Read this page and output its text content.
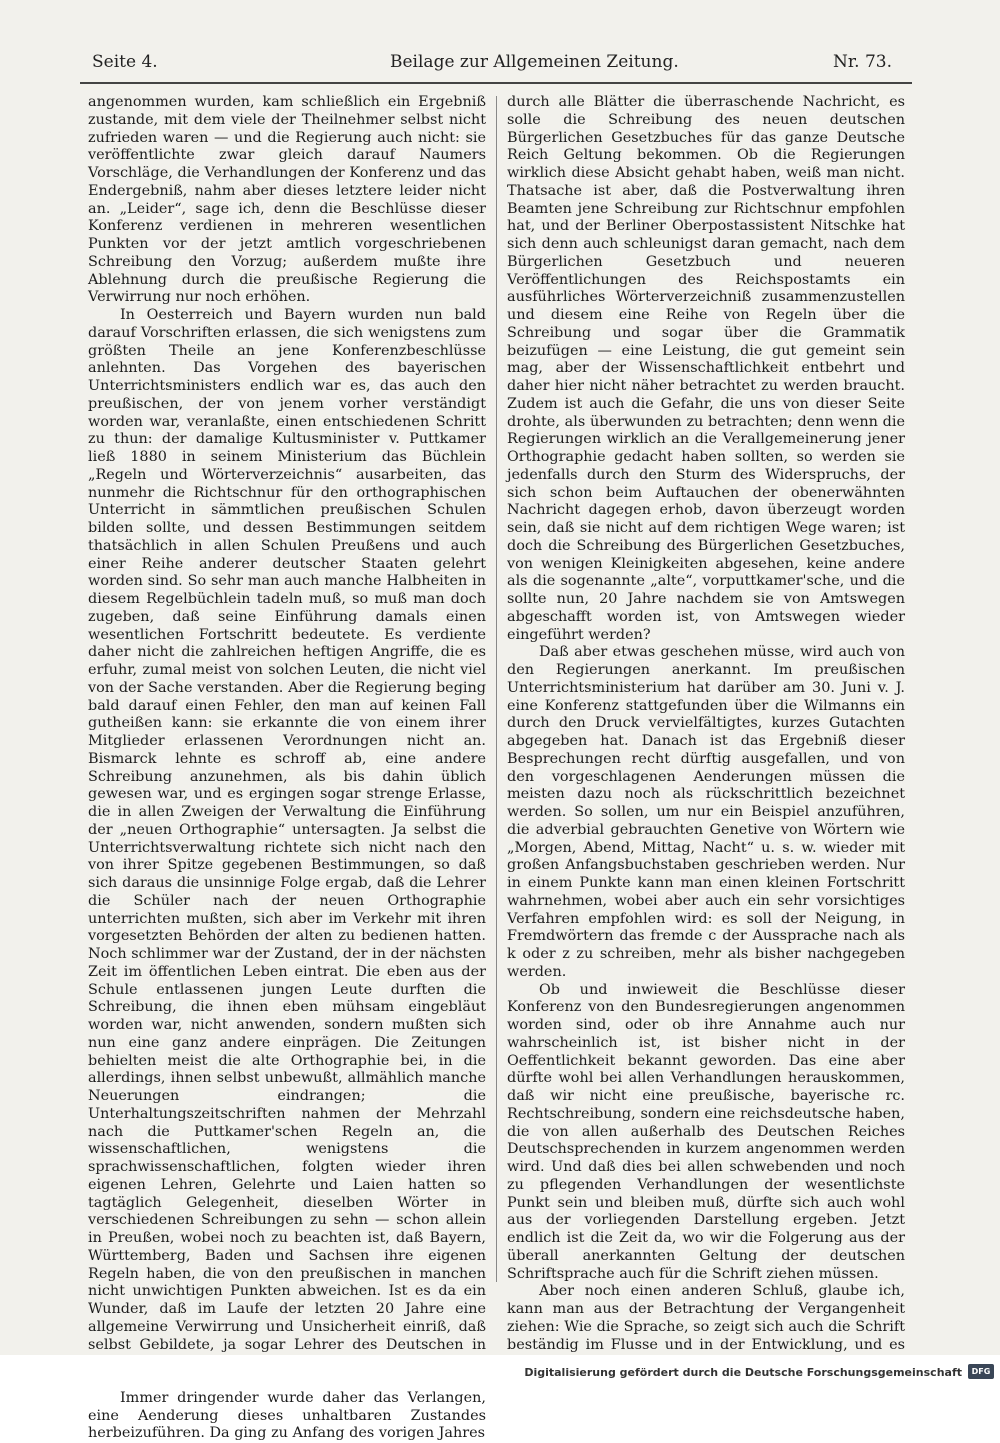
Seite 4.	Beilage zur Allgemeinen Zeitung.	Nr. 73.

angenommen wurden, kam schließlich ein Ergebniß zustande, mit dem viele der Theilnehmer selbst nicht zufrieden waren — und die Regierung auch nicht: sie veröffentlichte zwar gleich darauf Naumers Vorschläge, die Verhandlungen der Konferenz und das Endergebniß, nahm aber dieses letztere leider nicht an. „Leider“, sage ich, denn die Beschlüsse dieser Konferenz verdienen in mehreren wesentlichen Punkten vor der jetzt amtlich vorgeschriebenen Schreibung den Vorzug; außerdem mußte ihre Ablehnung durch die preußische Regierung die Verwirrung nur noch erhöhen.

In Oesterreich und Bayern wurden nun bald darauf Vorschriften erlassen, die sich wenigstens zum größten Theile an jene Konferenzbeschlüsse anlehnten. Das Vorgehen des bayerischen Unterrichtsministers endlich war es, das auch den preußischen, der von jenem vorher verständigt worden war, veranlaßte, einen entschiedenen Schritt zu thun: der damalige Kultusminister v. Puttkamer ließ 1880 in seinem Ministerium das Büchlein „Regeln und Wörterverzeichnis“ ausarbeiten, das nunmehr die Richtschnur für den orthographischen Unterricht in sämmtlichen preußischen Schulen bilden sollte, und dessen Bestimmungen seitdem thatsächlich in allen Schulen Preußens und auch einer Reihe anderer deutscher Staaten gelehrt worden sind. So sehr man auch manche Halbheiten in diesem Regelbüchlein tadeln muß, so muß man doch zugeben, daß seine Einführung damals einen wesentlichen Fortschritt bedeutete. Es verdiente daher nicht die zahlreichen heftigen Angriffe, die es erfuhr, zumal meist von solchen Leuten, die nicht viel von der Sache verstanden. Aber die Regierung beging bald darauf einen Fehler, den man auf keinen Fall gutheißen kann: sie erkannte die von einem ihrer Mitglieder erlassenen Verordnungen nicht an. Bismarck lehnte es schroff ab, eine andere Schreibung anzunehmen, als bis dahin üblich gewesen war, und es ergingen sogar strenge Erlasse, die in allen Zweigen der Verwaltung die Einführung der „neuen Orthographie“ untersagten. Ja selbst die Unterrichtsverwaltung richtete sich nicht nach den von ihrer Spitze gegebenen Bestimmungen, so daß sich daraus die unsinnige Folge ergab, daß die Lehrer die Schüler nach der neuen Orthographie unterrichten mußten, sich aber im Verkehr mit ihren vorgesetzten Behörden der alten zu bedienen hatten. Noch schlimmer war der Zustand, der in der nächsten Zeit im öffentlichen Leben eintrat. Die eben aus der Schule entlassenen jungen Leute durften die Schreibung, die ihnen eben mühsam eingebläut worden war, nicht anwenden, sondern mußten sich nun eine ganz andere einprägen. Die Zeitungen behielten meist die alte Orthographie bei, in die allerdings, ihnen selbst unbewußt, allmählich manche Neuerungen eindrangen; die Unterhaltungszeitschriften nahmen der Mehrzahl nach die Puttkamer'schen Regeln an, die wissenschaftlichen, wenigstens die sprachwissenschaftlichen, folgten wieder ihren eigenen Lehren, Gelehrte und Laien hatten so tagtäglich Gelegenheit, dieselben Wörter in verschiedenen Schreibungen zu sehn — schon allein in Preußen, wobei noch zu beachten ist, daß Bayern, Württemberg, Baden und Sachsen ihre eigenen Regeln haben, die von den preußischen in manchen nicht unwichtigen Punkten abweichen. Ist es da ein Wunder, daß im Laufe der letzten 20 Jahre eine allgemeine Verwirrung und Unsicherheit einriß, daß selbst Gebildete, ja sogar Lehrer des Deutschen in

Immer dringender wurde daher das Verlangen, eine Aenderung dieses unhaltbaren Zustandes herbeizuführen. Da ging zu Anfang des vorigen Jahres

durch alle Blätter die überraschende Nachricht, es solle die Schreibung des neuen deutschen Bürgerlichen Gesetzbuches für das ganze Deutsche Reich Geltung bekommen. Ob die Regierungen wirklich diese Absicht gehabt haben, weiß man nicht. Thatsache ist aber, daß die Postverwaltung ihren Beamten jene Schreibung zur Richtschnur empfohlen hat, und der Berliner Oberpostassistent Nitschke hat sich denn auch schleunigst daran gemacht, nach dem Bürgerlichen Gesetzbuch und neueren Veröffentlichungen des Reichspostamts ein ausführliches Wörterverzeichniß zusammenzustellen und diesem eine Reihe von Regeln über die Schreibung und sogar über die Grammatik beizufügen — eine Leistung, die gut gemeint sein mag, aber der Wissenschaftlichkeit entbehrt und daher hier nicht näher betrachtet zu werden braucht. Zudem ist auch die Gefahr, die uns von dieser Seite drohte, als überwunden zu betrachten; denn wenn die Regierungen wirklich an die Verallgemeinerung jener Orthographie gedacht haben sollten, so werden sie jedenfalls durch den Sturm des Widerspruchs, der sich schon beim Auftauchen der obenerwähnten Nachricht dagegen erhob, davon überzeugt worden sein, daß sie nicht auf dem richtigen Wege waren; ist doch die Schreibung des Bürgerlichen Gesetzbuches, von wenigen Kleinigkeiten abgesehen, keine andere als die sogenannte „alte“, vorputtkamer'sche, und die sollte nun, 20 Jahre nachdem sie von Amtswegen abgeschafft worden ist, von Amtswegen wieder eingeführt werden?

Daß aber etwas geschehen müsse, wird auch von den Regierungen anerkannt. Im preußischen Unterrichtsministerium hat darüber am 30. Juni v. J. eine Konferenz stattgefunden über die Wilmanns ein durch den Druck vervielfältigtes, kurzes Gutachten abgegeben hat. Danach ist das Ergebniß dieser Besprechungen recht dürftig ausgefallen, und von den vorgeschlagenen Aenderungen müssen die meisten dazu noch als rückschrittlich bezeichnet werden. So sollen, um nur ein Beispiel anzuführen, die adverbial gebrauchten Genetive von Wörtern wie „Morgen, Abend, Mittag, Nacht“ u. s. w. wieder mit großen Anfangsbuchstaben geschrieben werden. Nur in einem Punkte kann man einen kleinen Fortschritt wahrnehmen, wobei aber auch ein sehr vorsichtiges Verfahren empfohlen wird: es soll der Neigung, in Fremdwörtern das fremde c der Aussprache nach als k oder z zu schreiben, mehr als bisher nachgegeben werden.

Ob und inwieweit die Beschlüsse dieser Konferenz von den Bundesregierungen angenommen worden sind, oder ob ihre Annahme auch nur wahrscheinlich ist, ist bisher nicht in der Oeffentlichkeit bekannt geworden. Das eine aber dürfte wohl bei allen Verhandlungen herauskommen, daß wir nicht eine preußische, bayerische rc. Rechtschreibung, sondern eine reichsdeutsche haben, die von allen außerhalb des Deutschen Reiches Deutschsprechenden in kurzem angenommen werden wird. Und daß dies bei allen schwebenden und noch zu pflegenden Verhandlungen der wesentlichste Punkt sein und bleiben muß, dürfte sich auch wohl aus der vorliegenden Darstellung ergeben. Jetzt endlich ist die Zeit da, wo wir die Folgerung aus der überall anerkannten Geltung der deutschen Schriftsprache auch für die Schrift ziehen müssen.

Aber noch einen anderen Schluß, glaube ich, kann man aus der Betrachtung der Vergangenheit ziehen: Wie die Sprache, so zeigt sich auch die Schrift beständig im Flusse und in der Entwicklung, und es

Digitalisierung gefördert durch die Deutsche Forschungsgemeinschaft	DFG
